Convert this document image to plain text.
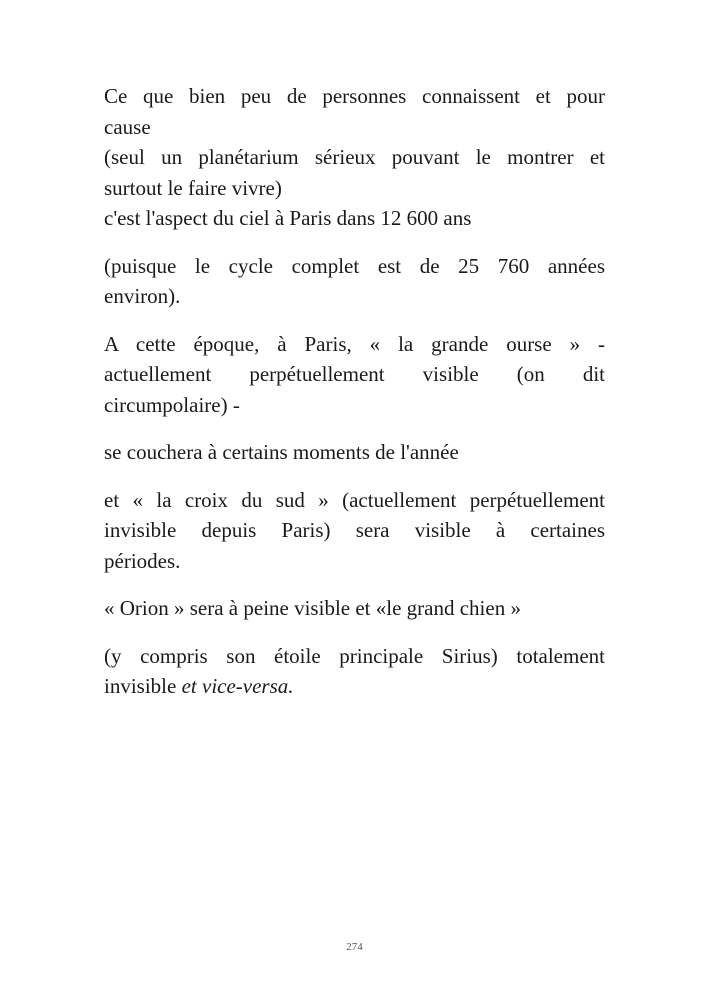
Ce que bien peu de personnes connaissent et pour
cause
(seul un planétarium sérieux pouvant le montrer et
surtout le faire vivre)
c'est l'aspect du ciel à Paris dans 12 600 ans
(puisque le cycle complet est de 25 760 années
environ).
A cette époque, à Paris, « la grande ourse » -
actuellement perpétuellement visible (on dit
circumpolaire) -
se couchera à certains moments de l'année
et « la croix du sud » (actuellement perpétuellement
invisible depuis Paris) sera visible à certaines
périodes.
« Orion » sera à peine visible et «le grand chien »
(y compris son étoile principale Sirius) totalement
invisible et vice-versa.
274
